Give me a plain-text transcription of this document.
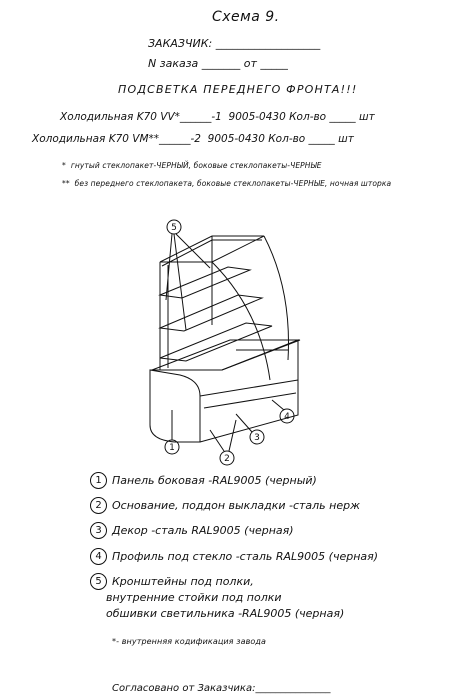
Схема 9.
ЗАКАЗЧИК: ___________________
N заказа _______ от _____
ПОДСВЕТКА ПЕРЕДНЕГО ФРОНТА!!!
Холодильная K70 VV*______-1  9005-0430 Кол-во _____ шт
Холодильная K70 VM**______-2  9005-0430 Кол-во _____ шт
*  гнутый стеклопакет-ЧЕРНЫЙ, боковые стеклопакеты-ЧЕРНЫЕ
**  без переднего стеклопакета, боковые стеклопакеты-ЧЕРНЫЕ, ночная шторка
5
1
2
3
4
1 Панель боковая -RAL9005 (черный)
2 Основание, поддон выкладки -сталь нерж
3 Декор -сталь RAL9005 (черная)
4 Профиль под стекло -сталь RAL9005 (черная)
5 Кронштейны под полки,
внутренние стойки под полки
обшивки светильника -RAL9005 (черная)
*- внутренняя кодификация завода
Согласовано от Заказчика:_______________
